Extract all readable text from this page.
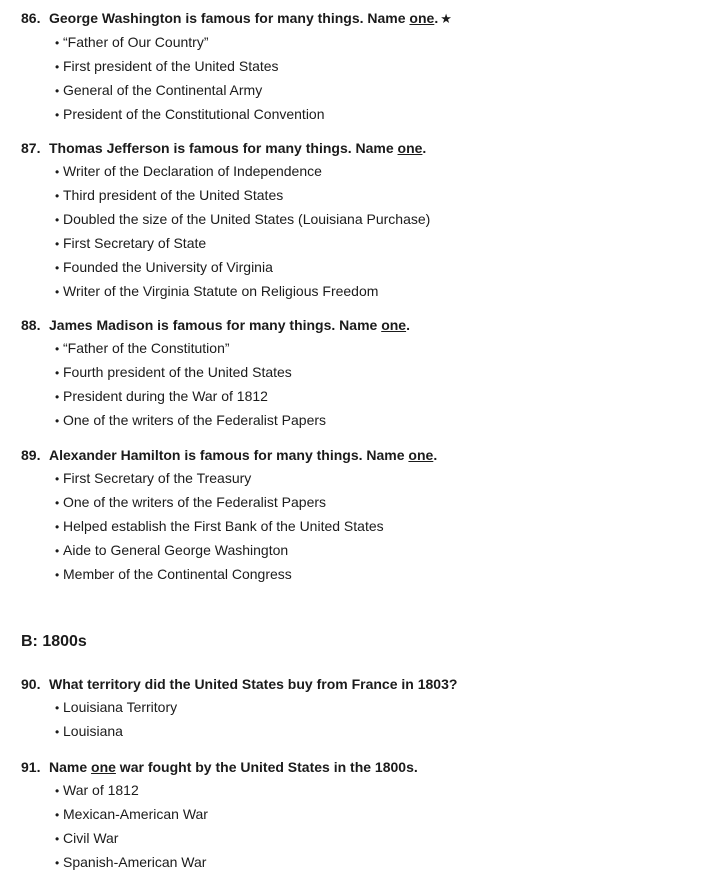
86. George Washington is famous for many things. Name one. ★
• “Father of Our Country”
• First president of the United States
• General of the Continental Army
• President of the Constitutional Convention
87. Thomas Jefferson is famous for many things. Name one.
• Writer of the Declaration of Independence
• Third president of the United States
• Doubled the size of the United States (Louisiana Purchase)
• First Secretary of State
• Founded the University of Virginia
• Writer of the Virginia Statute on Religious Freedom
88. James Madison is famous for many things. Name one.
• “Father of the Constitution”
• Fourth president of the United States
• President during the War of 1812
• One of the writers of the Federalist Papers
89. Alexander Hamilton is famous for many things. Name one.
• First Secretary of the Treasury
• One of the writers of the Federalist Papers
• Helped establish the First Bank of the United States
• Aide to General George Washington
• Member of the Continental Congress
B: 1800s
90. What territory did the United States buy from France in 1803?
• Louisiana Territory
• Louisiana
91. Name one war fought by the United States in the 1800s.
• War of 1812
• Mexican-American War
• Civil War
• Spanish-American War
